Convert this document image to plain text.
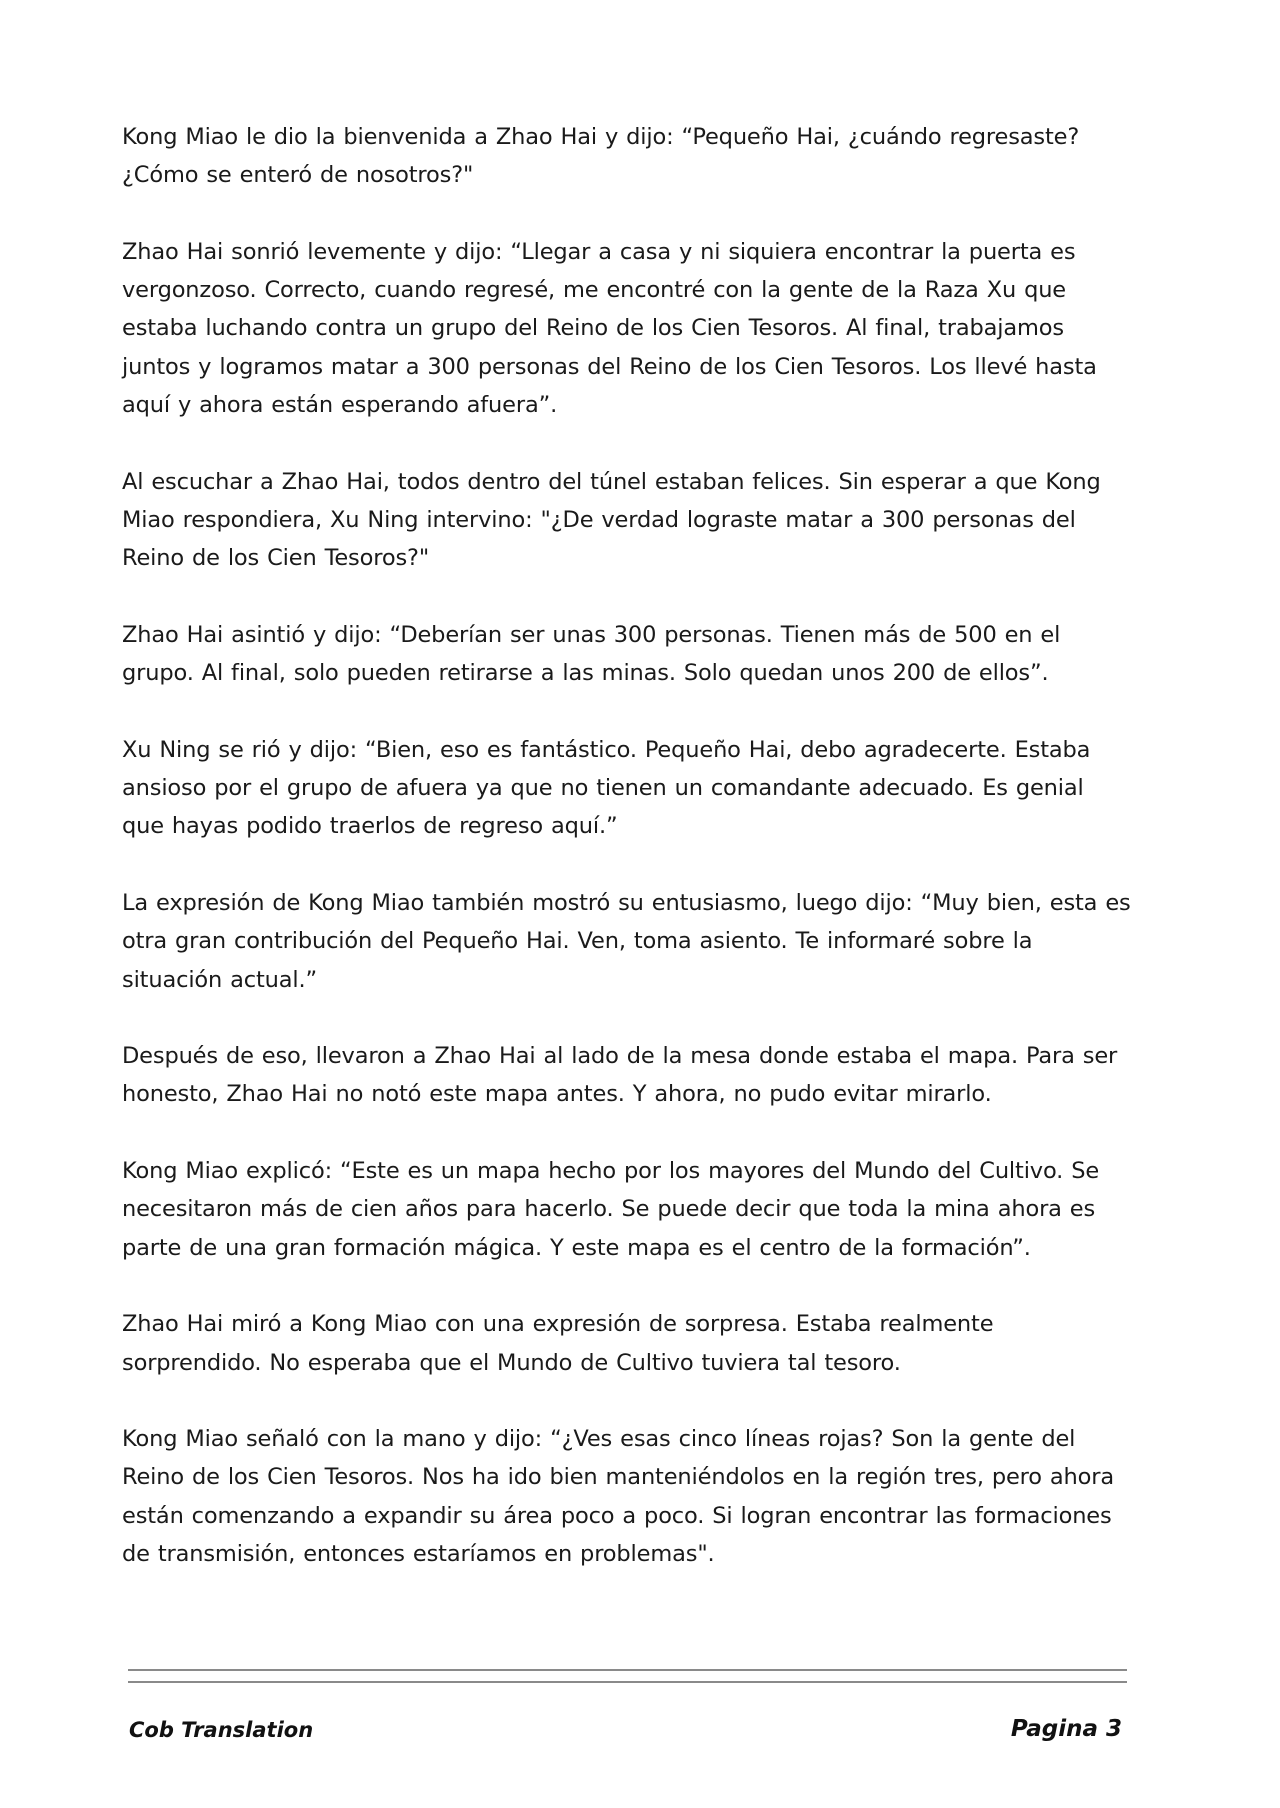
Kong Miao le dio la bienvenida a Zhao Hai y dijo: “Pequeño Hai, ¿cuándo regresaste? ¿Cómo se enteró de nosotros?"

Zhao Hai sonrió levemente y dijo: “Llegar a casa y ni siquiera encontrar la puerta es vergonzoso. Correcto, cuando regresé, me encontré con la gente de la Raza Xu que estaba luchando contra un grupo del Reino de los Cien Tesoros. Al final, trabajamos juntos y logramos matar a 300 personas del Reino de los Cien Tesoros. Los llevé hasta aquí y ahora están esperando afuera”.

Al escuchar a Zhao Hai, todos dentro del túnel estaban felices. Sin esperar a que Kong Miao respondiera, Xu Ning intervino: "¿De verdad lograste matar a 300 personas del Reino de los Cien Tesoros?"

Zhao Hai asintió y dijo: “Deberían ser unas 300 personas. Tienen más de 500 en el grupo. Al final, solo pueden retirarse a las minas. Solo quedan unos 200 de ellos”.

Xu Ning se rió y dijo: “Bien, eso es fantástico. Pequeño Hai, debo agradecerte. Estaba ansioso por el grupo de afuera ya que no tienen un comandante adecuado. Es genial que hayas podido traerlos de regreso aquí.”

La expresión de Kong Miao también mostró su entusiasmo, luego dijo: “Muy bien, esta es otra gran contribución del Pequeño Hai. Ven, toma asiento. Te informaré sobre la situación actual.”

Después de eso, llevaron a Zhao Hai al lado de la mesa donde estaba el mapa. Para ser honesto, Zhao Hai no notó este mapa antes. Y ahora, no pudo evitar mirarlo.

Kong Miao explicó: “Este es un mapa hecho por los mayores del Mundo del Cultivo. Se necesitaron más de cien años para hacerlo. Se puede decir que toda la mina ahora es parte de una gran formación mágica. Y este mapa es el centro de la formación”.

Zhao Hai miró a Kong Miao con una expresión de sorpresa. Estaba realmente sorprendido. No esperaba que el Mundo de Cultivo tuviera tal tesoro.

Kong Miao señaló con la mano y dijo: “¿Ves esas cinco líneas rojas? Son la gente del Reino de los Cien Tesoros. Nos ha ido bien manteniéndolos en la región tres, pero ahora están comenzando a expandir su área poco a poco. Si logran encontrar las formaciones de transmisión, entonces estaríamos en problemas".

Cob Translation	Pagina 3
